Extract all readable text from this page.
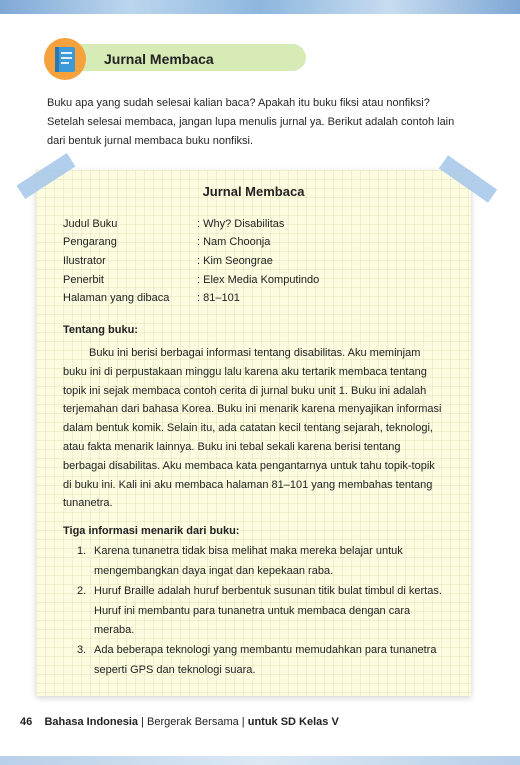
Jurnal Membaca
Buku apa yang sudah selesai kalian baca? Apakah itu buku fiksi atau nonfiksi? Setelah selesai membaca, jangan lupa menulis jurnal ya. Berikut adalah contoh lain dari bentuk jurnal membaca buku nonfiksi.
Jurnal Membaca
Judul Buku	: Why? Disabilitas
Pengarang	: Nam Choonja
Ilustrator	: Kim Seongrae
Penerbit	: Elex Media Komputindo
Halaman yang dibaca	: 81–101
Tentang buku:

Buku ini berisi berbagai informasi tentang disabilitas. Aku meminjam buku ini di perpustakaan minggu lalu karena aku tertarik membaca tentang topik ini sejak membaca contoh cerita di jurnal buku unit 1. Buku ini adalah terjemahan dari bahasa Korea. Buku ini menarik karena menyajikan informasi dalam bentuk komik. Selain itu, ada catatan kecil tentang sejarah, teknologi, atau fakta menarik lainnya. Buku ini tebal sekali karena berisi tentang berbagai disabilitas. Aku membaca kata pengantarnya untuk tahu topik-topik di buku ini. Kali ini aku membaca halaman 81–101 yang membahas tentang tunanetra.

Tiga informasi menarik dari buku:
1. Karena tunanetra tidak bisa melihat maka mereka belajar untuk mengembangkan daya ingat dan kepekaan raba.
2. Huruf Braille adalah huruf berbentuk susunan titik bulat timbul di kertas. Huruf ini membantu para tunanetra untuk membaca dengan cara meraba.
3. Ada beberapa teknologi yang membantu memudahkan para tunanetra seperti GPS dan teknologi suara.
46 Bahasa Indonesia | Bergerak Bersama | untuk SD Kelas V
